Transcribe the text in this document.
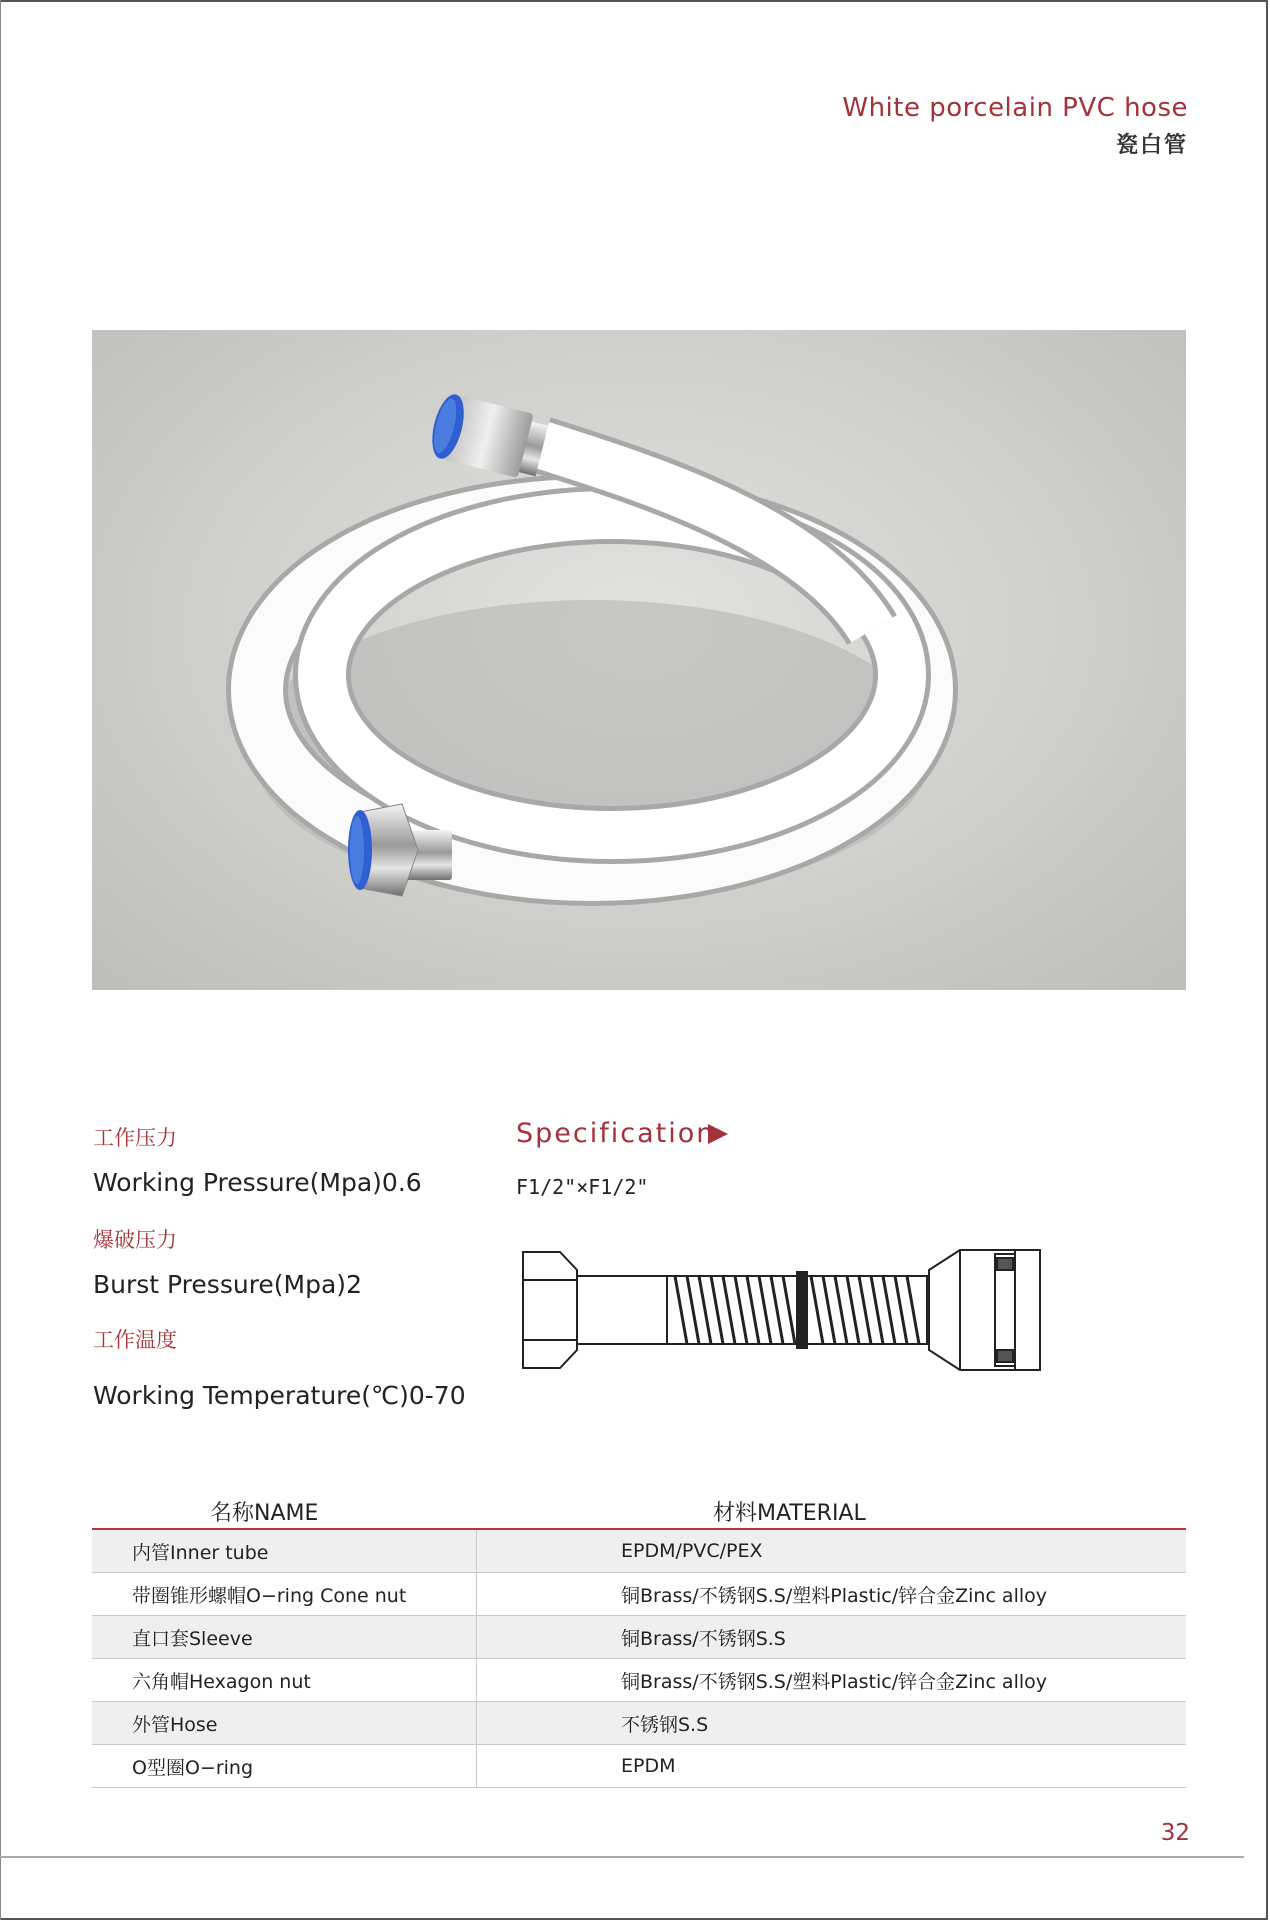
White porcelain PVC hose
瓷白管
工作压力
Working Pressure(Mpa)0.6
爆破压力
Burst Pressure(Mpa)2
工作温度
Working Temperature(℃)0-70
Specification
F1/2"×F1/2"
名称NAME	材料MATERIAL
内管Inner tube	EPDM/PVC/PEX
带圈锥形螺帽O−ring Cone nut	铜Brass/不锈钢S.S/塑料Plastic/锌合金Zinc alloy
直口套Sleeve	铜Brass/不锈钢S.S
六角帽Hexagon nut	铜Brass/不锈钢S.S/塑料Plastic/锌合金Zinc alloy
外管Hose	不锈钢S.S
O型圈O−ring	EPDM
32
